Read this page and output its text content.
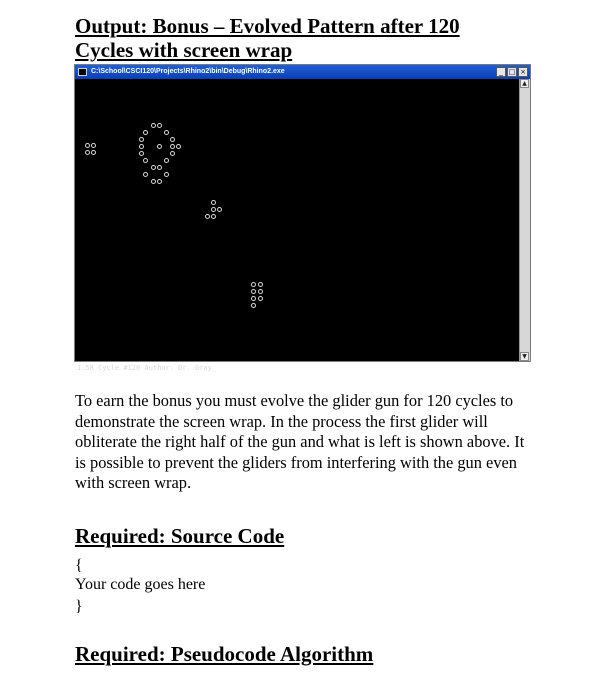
Output: Bonus – Evolved Pattern after 120
Cycles with screen wrap
C:\School\CSCI120\Projects\Rhino2\bin\Debug\Rhino2.exe	_ □ ×
1.58 Cycle #120 Author: Dr. Gray_
▲
▼

To earn the bonus you must evolve the glider gun for 120 cycles to demonstrate the screen wrap. In the process the first glider will obliterate the right half of the gun and what is left is shown above. It is possible to prevent the gliders from interfering with the gun even with screen wrap.

Required: Source Code
{
Your code goes here
}
Required: Pseudocode Algorithm
